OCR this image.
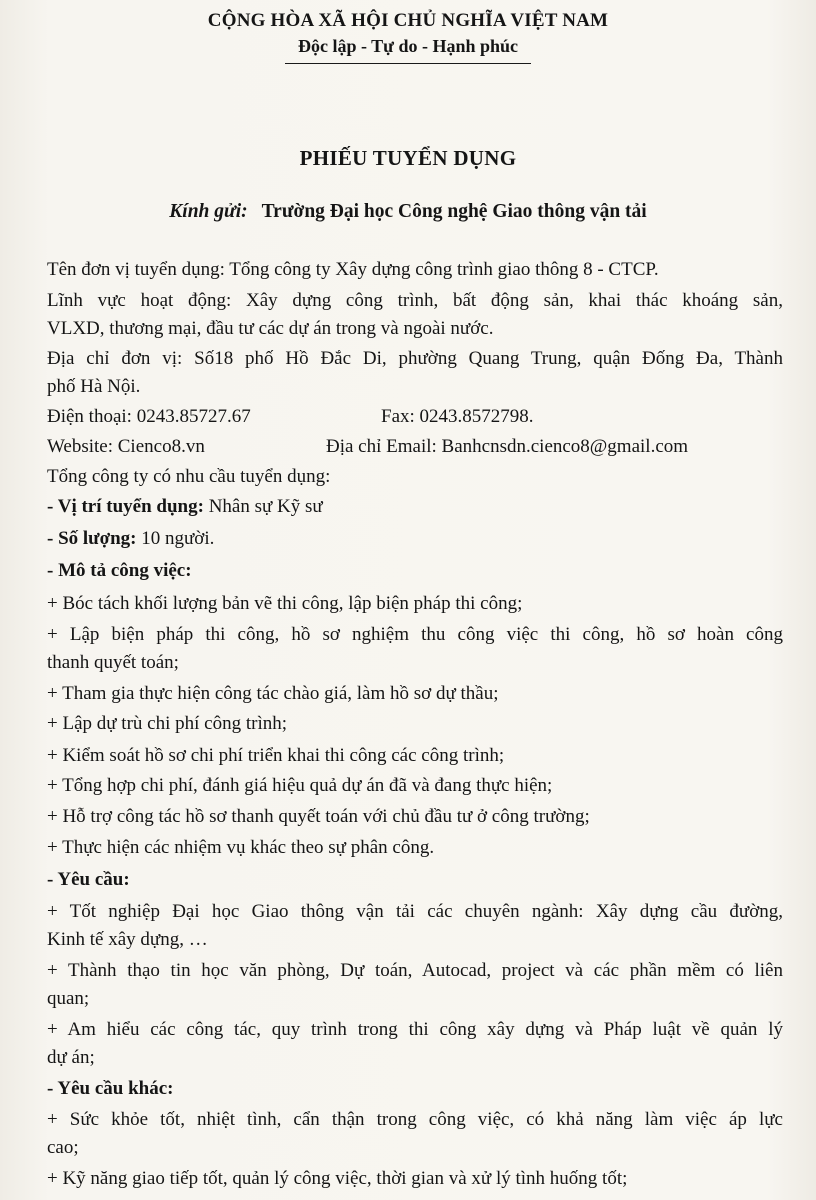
CỘNG HÒA XÃ HỘI CHỦ NGHĨA VIỆT NAM
Độc lập - Tự do - Hạnh phúc
PHIẾU TUYỂN DỤNG
Kính gửi: Trường Đại học Công nghệ Giao thông vận tải
Tên đơn vị tuyển dụng: Tổng công ty Xây dựng công trình giao thông 8 - CTCP.
Lĩnh vực hoạt động: Xây dựng công trình, bất động sản, khai thác khoáng sản,
VLXD, thương mại, đầu tư các dự án trong và ngoài nước.
Địa chỉ đơn vị: Số18 phố Hồ Đắc Di, phường Quang Trung, quận Đống Đa, Thành
phố Hà Nội.
Điện thoại: 0243.85727.67	Fax: 0243.8572798.
Website: Cienco8.vn	Địa chỉ Email: Banhcnsdn.cienco8@gmail.com
Tổng công ty có nhu cầu tuyển dụng:
- Vị trí tuyển dụng: Nhân sự Kỹ sư
- Số lượng: 10 người.
- Mô tả công việc:
+ Bóc tách khối lượng bản vẽ thi công, lập biện pháp thi công;
+ Lập biện pháp thi công, hồ sơ nghiệm thu công việc thi công, hồ sơ hoàn công
thanh quyết toán;
+ Tham gia thực hiện công tác chào giá, làm hồ sơ dự thầu;
+ Lập dự trù chi phí công trình;
+ Kiểm soát hồ sơ chi phí triển khai thi công các công trình;
+ Tổng hợp chi phí, đánh giá hiệu quả dự án đã và đang thực hiện;
+ Hỗ trợ công tác hồ sơ thanh quyết toán với chủ đầu tư ở công trường;
+ Thực hiện các nhiệm vụ khác theo sự phân công.
- Yêu cầu:
+ Tốt nghiệp Đại học Giao thông vận tải các chuyên ngành: Xây dựng cầu đường,
Kinh tế xây dựng, …
+ Thành thạo tin học văn phòng, Dự toán, Autocad, project và các phần mềm có liên
quan;
+ Am hiểu các công tác, quy trình trong thi công xây dựng và Pháp luật về quản lý
dự án;
- Yêu cầu khác:
+ Sức khỏe tốt, nhiệt tình, cẩn thận trong công việc, có khả năng làm việc áp lực
cao;
+ Kỹ năng giao tiếp tốt, quản lý công việc, thời gian và xử lý tình huống tốt;
